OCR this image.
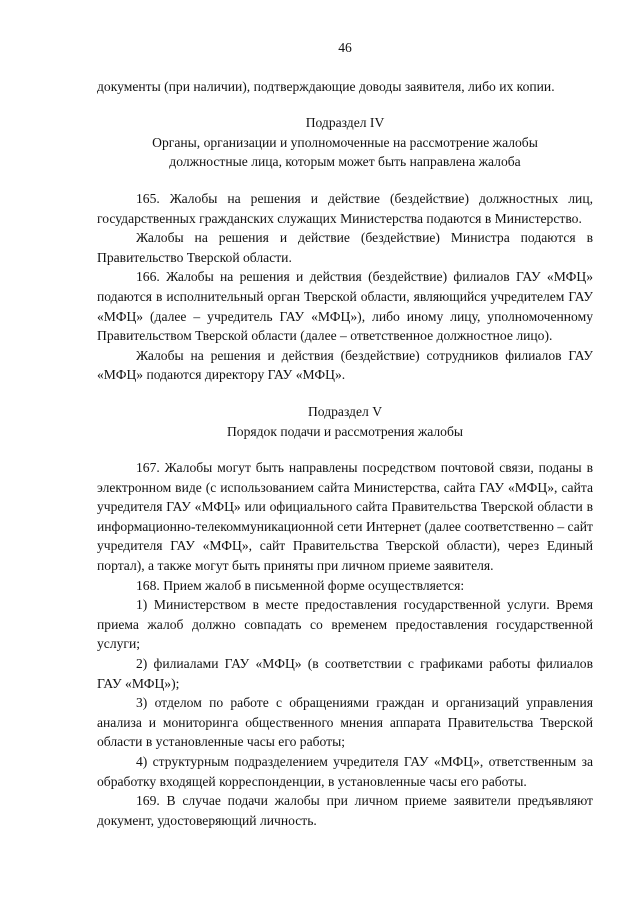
46

документы (при наличии), подтверждающие доводы заявителя, либо их копии.

Подраздел IV
Органы, организации и уполномоченные на рассмотрение жалобы
должностные лица, которым может быть направлена жалоба

165. Жалобы на решения и действие (бездействие) должностных лиц, государственных гражданских служащих Министерства подаются в Министерство.

Жалобы на решения и действие (бездействие) Министра подаются в Правительство Тверской области.

166. Жалобы на решения и действия (бездействие) филиалов ГАУ «МФЦ» подаются в исполнительный орган Тверской области, являющийся учредителем ГАУ «МФЦ» (далее – учредитель ГАУ «МФЦ»), либо иному лицу, уполномоченному Правительством Тверской области (далее – ответственное должностное лицо).

Жалобы на решения и действия (бездействие) сотрудников филиалов ГАУ «МФЦ» подаются директору ГАУ «МФЦ».

Подраздел V
Порядок подачи и рассмотрения жалобы

167. Жалобы могут быть направлены посредством почтовой связи, поданы в электронном виде (с использованием сайта Министерства, сайта ГАУ «МФЦ», сайта учредителя ГАУ «МФЦ» или официального сайта Правительства Тверской области в информационно-телекоммуникационной сети Интернет (далее соответственно – сайт учредителя ГАУ «МФЦ», сайт Правительства Тверской области), через Единый портал), а также могут быть приняты при личном приеме заявителя.

168. Прием жалоб в письменной форме осуществляется:

1) Министерством в месте предоставления государственной услуги. Время приема жалоб должно совпадать со временем предоставления государственной услуги;

2) филиалами ГАУ «МФЦ» (в соответствии с графиками работы филиалов ГАУ «МФЦ»);

3) отделом по работе с обращениями граждан и организаций управления анализа и мониторинга общественного мнения аппарата Правительства Тверской области в установленные часы его работы;

4) структурным подразделением учредителя ГАУ «МФЦ», ответственным за обработку входящей корреспонденции, в установленные часы его работы.

169. В случае подачи жалобы при личном приеме заявители предъявляют документ, удостоверяющий личность.
